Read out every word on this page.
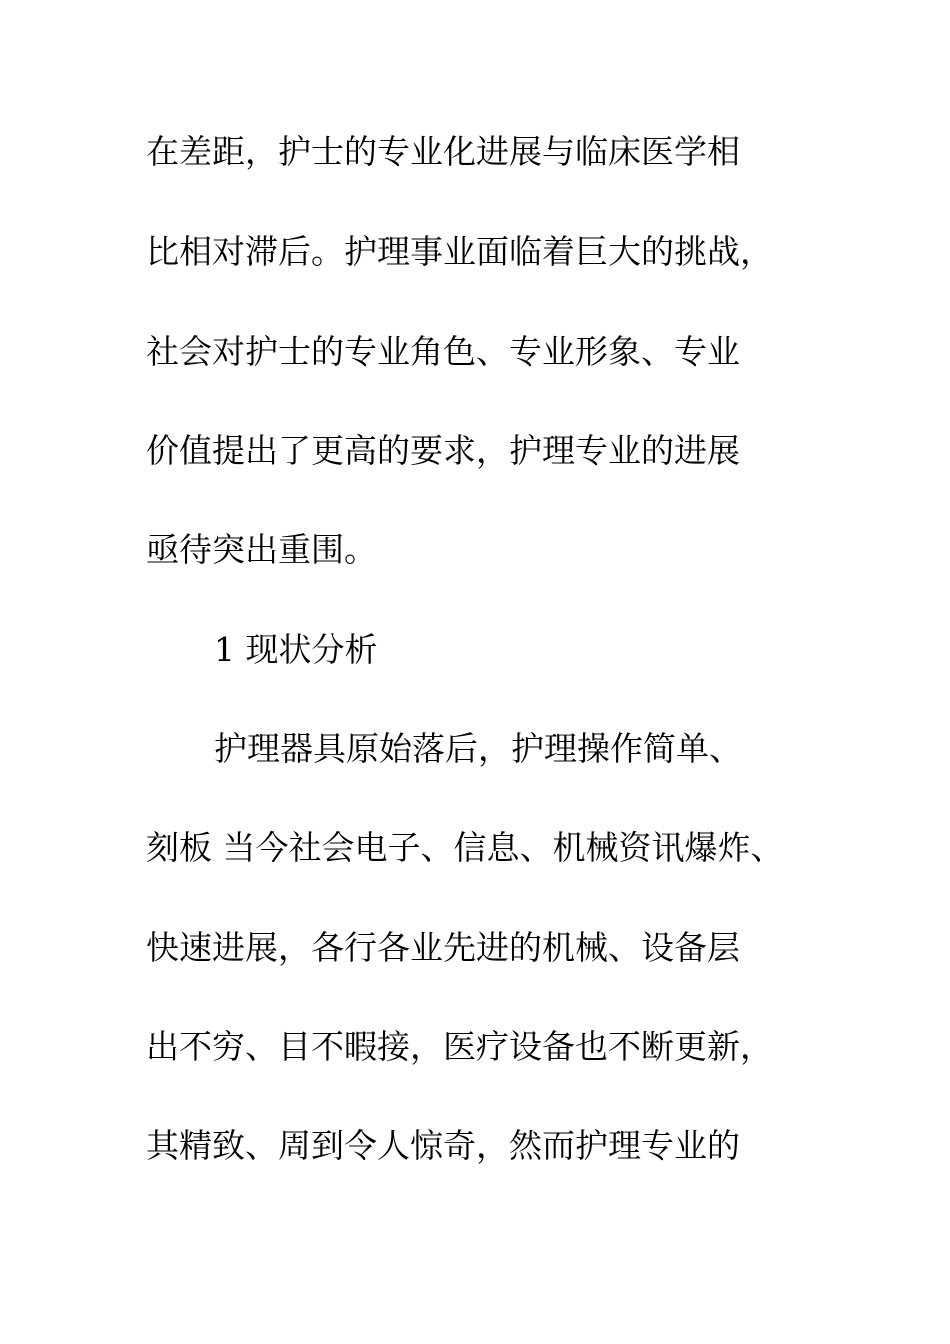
在差距，护士的专业化进展与临床医学相
比相对滞后。护理事业面临着巨大的挑战，
社会对护士的专业角色、专业形象、专业
价值提出了更高的要求，护理专业的进展
亟待突出重围。
1 现状分析
护理器具原始落后，护理操作简单、
刻板 当今社会电子、信息、机械资讯爆炸、
快速进展，各行各业先进的机械、设备层
出不穷、目不暇接，医疗设备也不断更新，
其精致、周到令人惊奇，然而护理专业的
